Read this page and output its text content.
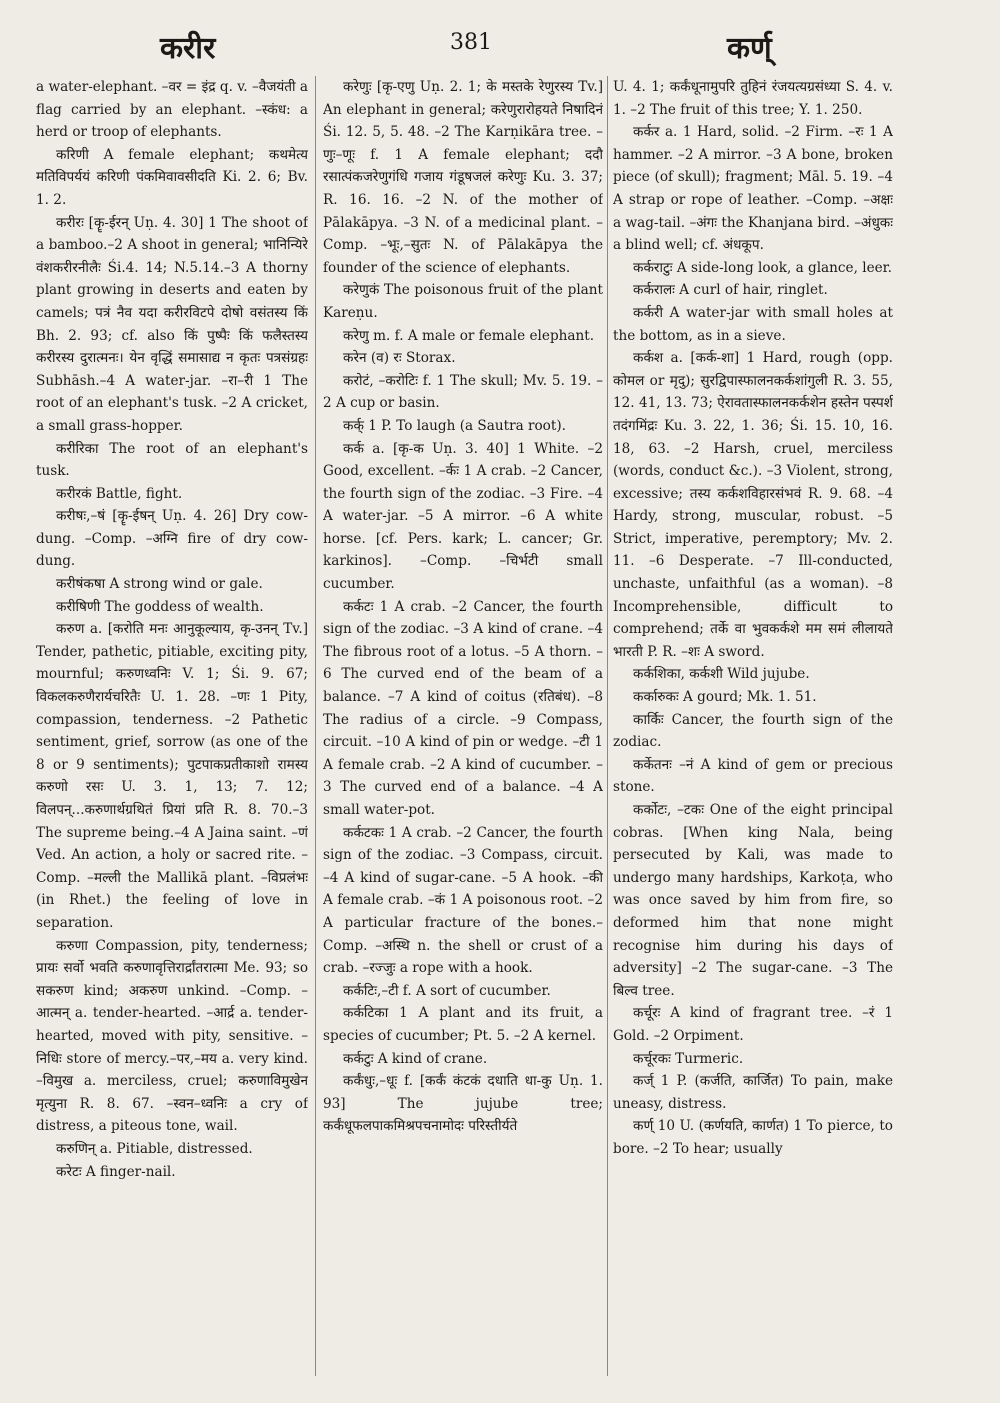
करीर	381	कर्ण्

a water-elephant. –वर = इंद्र q. v. –वैजयंती a flag carried by an elephant. –स्कंध: a herd or troop of elephants.

करिणी A female elephant; कथमेत्य मतिविपर्ययं करिणी पंकमिवावसीदति Ki. 2. 6; Bv. 1. 2.

करीरः [कॄ-ईरन् Uṇ. 4. 30] 1 The shoot of a bamboo.–2 A shoot in general; भानिन्यिरे वंशकरीरनीलैः Śi.4. 14; N.5.14.–3 A thorny plant growing in deserts and eaten by camels; पत्रं नैव यदा करीरविटपे दोषो वसंतस्य किं Bh. 2. 93; cf. also किं पुष्पैः किं फलैस्तस्य करीरस्य दुरात्मनः। येन वृद्धिं समासाद्य न कृतः पत्रसंग्रहः Subhāsh.–4 A water-jar. –रा–री 1 The root of an elephant's tusk. –2 A cricket, a small grass-hopper.

करीरिका The root of an elephant's tusk.

करीरकं Battle, fight.

करीषः,–षं [कॄ-ईषन् Uṇ. 4. 26] Dry cow-dung. –Comp. –अग्नि fire of dry cow-dung.

करीषंकषा A strong wind or gale.

करीषिणी The goddess of wealth.

करुण a. [करोति मनः आनुकूल्याय, कृ-उनन् Tv.] Tender, pathetic, pitiable, exciting pity, mournful; करुणध्वनिः V. 1; Śi. 9. 67; विकलकरुणैरार्यचरितैः U. 1. 28. –णः 1 Pity, compassion, tenderness. –2 Pathetic sentiment, grief, sorrow (as one of the 8 or 9 sentiments); पुटपाकप्रतीकाशो रामस्य करुणो रसः U. 3. 1, 13; 7. 12; विलपन्...करुणार्थग्रथितं प्रियां प्रति R. 8. 70.–3 The supreme being.–4 A Jaina saint. –णं Ved. An action, a holy or sacred rite. –Comp. –मल्ली the Mallikā plant. –विप्रलंभः (in Rhet.) the feeling of love in separation.

करुणा Compassion, pity, tenderness; प्रायः सर्वो भवति करुणावृत्तिरार्द्रांतरात्मा Me. 93; so सकरुण kind; अकरुण unkind. –Comp. –आत्मन् a. tender-hearted. –आर्द्र a. tender-hearted, moved with pity, sensitive. –निधिः store of mercy.–पर,–मय a. very kind. –विमुख a. merciless, cruel; करुणाविमुखेन मृत्युना R. 8. 67. –स्वन–ध्वनिः a cry of distress, a piteous tone, wail.

करुणिन् a. Pitiable, distressed.

करेटः A finger-nail.

करेणुः [कृ-एणु Uṇ. 2. 1; के मस्तके रेणुरस्य Tv.] An elephant in general; करेणुरारोहयते निषादिनं Śi. 12. 5, 5. 48. –2 The Karṇikāra tree. –णुः–णूः f. 1 A female elephant; ददौ रसात्पंकजरेणुगंधि गजाय गंडूषजलं करेणुः Ku. 3. 37; R. 16. 16. –2 N. of the mother of Pālakāpya. –3 N. of a medicinal plant. –Comp. –भूः,–सुतः N. of Pālakāpya the founder of the science of elephants.

करेणुकं The poisonous fruit of the plant Kareṇu.

करेणु m. f. A male or female elephant.

करेन (व) रः Storax.

करोटं, –करोटिः f. 1 The skull; Mv. 5. 19. –2 A cup or basin.

कर्क् 1 P. To laugh (a Sautra root).

कर्क a. [कृ-क Uṇ. 3. 40] 1 White. –2 Good, excellent. –र्कः 1 A crab. –2 Cancer, the fourth sign of the zodiac. –3 Fire. –4 A water-jar. –5 A mirror. –6 A white horse. [cf. Pers. kark; L. cancer; Gr. karkinos]. –Comp. –चिर्भटी small cucumber.

कर्कटः 1 A crab. –2 Cancer, the fourth sign of the zodiac. –3 A kind of crane. –4 The fibrous root of a lotus. –5 A thorn. –6 The curved end of the beam of a balance. –7 A kind of coitus (रतिबंध). –8 The radius of a circle. –9 Compass, circuit. –10 A kind of pin or wedge. –टी 1 A female crab. –2 A kind of cucumber. –3 The curved end of a balance. –4 A small water-pot.

कर्कटकः 1 A crab. –2 Cancer, the fourth sign of the zodiac. –3 Compass, circuit. –4 A kind of sugar-cane. –5 A hook. –की A female crab. –कं 1 A poisonous root. –2 A particular fracture of the bones.–Comp. –अस्थि n. the shell or crust of a crab. –रज्जुः a rope with a hook.

कर्कटिः,–टी f. A sort of cucumber.

कर्कटिका 1 A plant and its fruit, a species of cucumber; Pt. 5. –2 A kernel.

कर्कटुः A kind of crane.

कर्कंधुः,–धूः f. [कर्कं कंटकं दधाति धा-कु Uṇ. 1. 93] The jujube tree; कर्कंधूफलपाकमिश्रपचनामोदः परिस्तीर्यते

U. 4. 1; कर्कंधूनामुपरि तुहिनं रंजयत्यग्रसंध्या S. 4. v. 1. –2 The fruit of this tree; Y. 1. 250.

कर्कर a. 1 Hard, solid. –2 Firm. –रः 1 A hammer. –2 A mirror. –3 A bone, broken piece (of skull); fragment; Māl. 5. 19. –4 A strap or rope of leather. –Comp. –अक्षः a wag-tail. –अंगः the Khanjana bird. –अंधुकः a blind well; cf. अंधकूप.

कर्कराटुः A side-long look, a glance, leer.

कर्करालः A curl of hair, ringlet.

कर्करी A water-jar with small holes at the bottom, as in a sieve.

कर्कश a. [कर्क-शा] 1 Hard, rough (opp. कोमल or मृदु); सुरद्विपास्फालनकर्कशांगुली R. 3. 55, 12. 41, 13. 73; ऐरावतास्फालनकर्कशेन हस्तेन पस्पर्श तदंगमिंद्रः Ku. 3. 22, 1. 36; Śi. 15. 10, 16. 18, 63. –2 Harsh, cruel, merciless (words, conduct &c.). –3 Violent, strong, excessive; तस्य कर्कशविहारसंभवं R. 9. 68. –4 Hardy, strong, muscular, robust. –5 Strict, imperative, peremptory; Mv. 2. 11. –6 Desperate. –7 Ill-conducted, unchaste, unfaithful (as a woman). –8 Incomprehensible, difficult to comprehend; तर्के वा भुवकर्कशे मम समं लीलायते भारती P. R. –शः A sword.

कर्कशिका, कर्कशी Wild jujube.

कर्कारुकः A gourd; Mk. 1. 51.

कार्किः Cancer, the fourth sign of the zodiac.

कर्केतनः –नं A kind of gem or precious stone.

कर्कोटः, –टकः One of the eight principal cobras. [When king Nala, being persecuted by Kali, was made to undergo many hardships, Karkoṭa, who was once saved by him from fire, so deformed him that none might recognise him during his days of adversity] –2 The sugar-cane. –3 The बिल्व tree.

कर्चूरः A kind of fragrant tree. –रं 1 Gold. –2 Orpiment.

कर्चूरकः Turmeric.

कर्ज् 1 P. (कर्जति, कार्जित) To pain, make uneasy, distress.

कर्ण् 10 U. (कर्णयति, कार्णत) 1 To pierce, to bore. –2 To hear; usually
